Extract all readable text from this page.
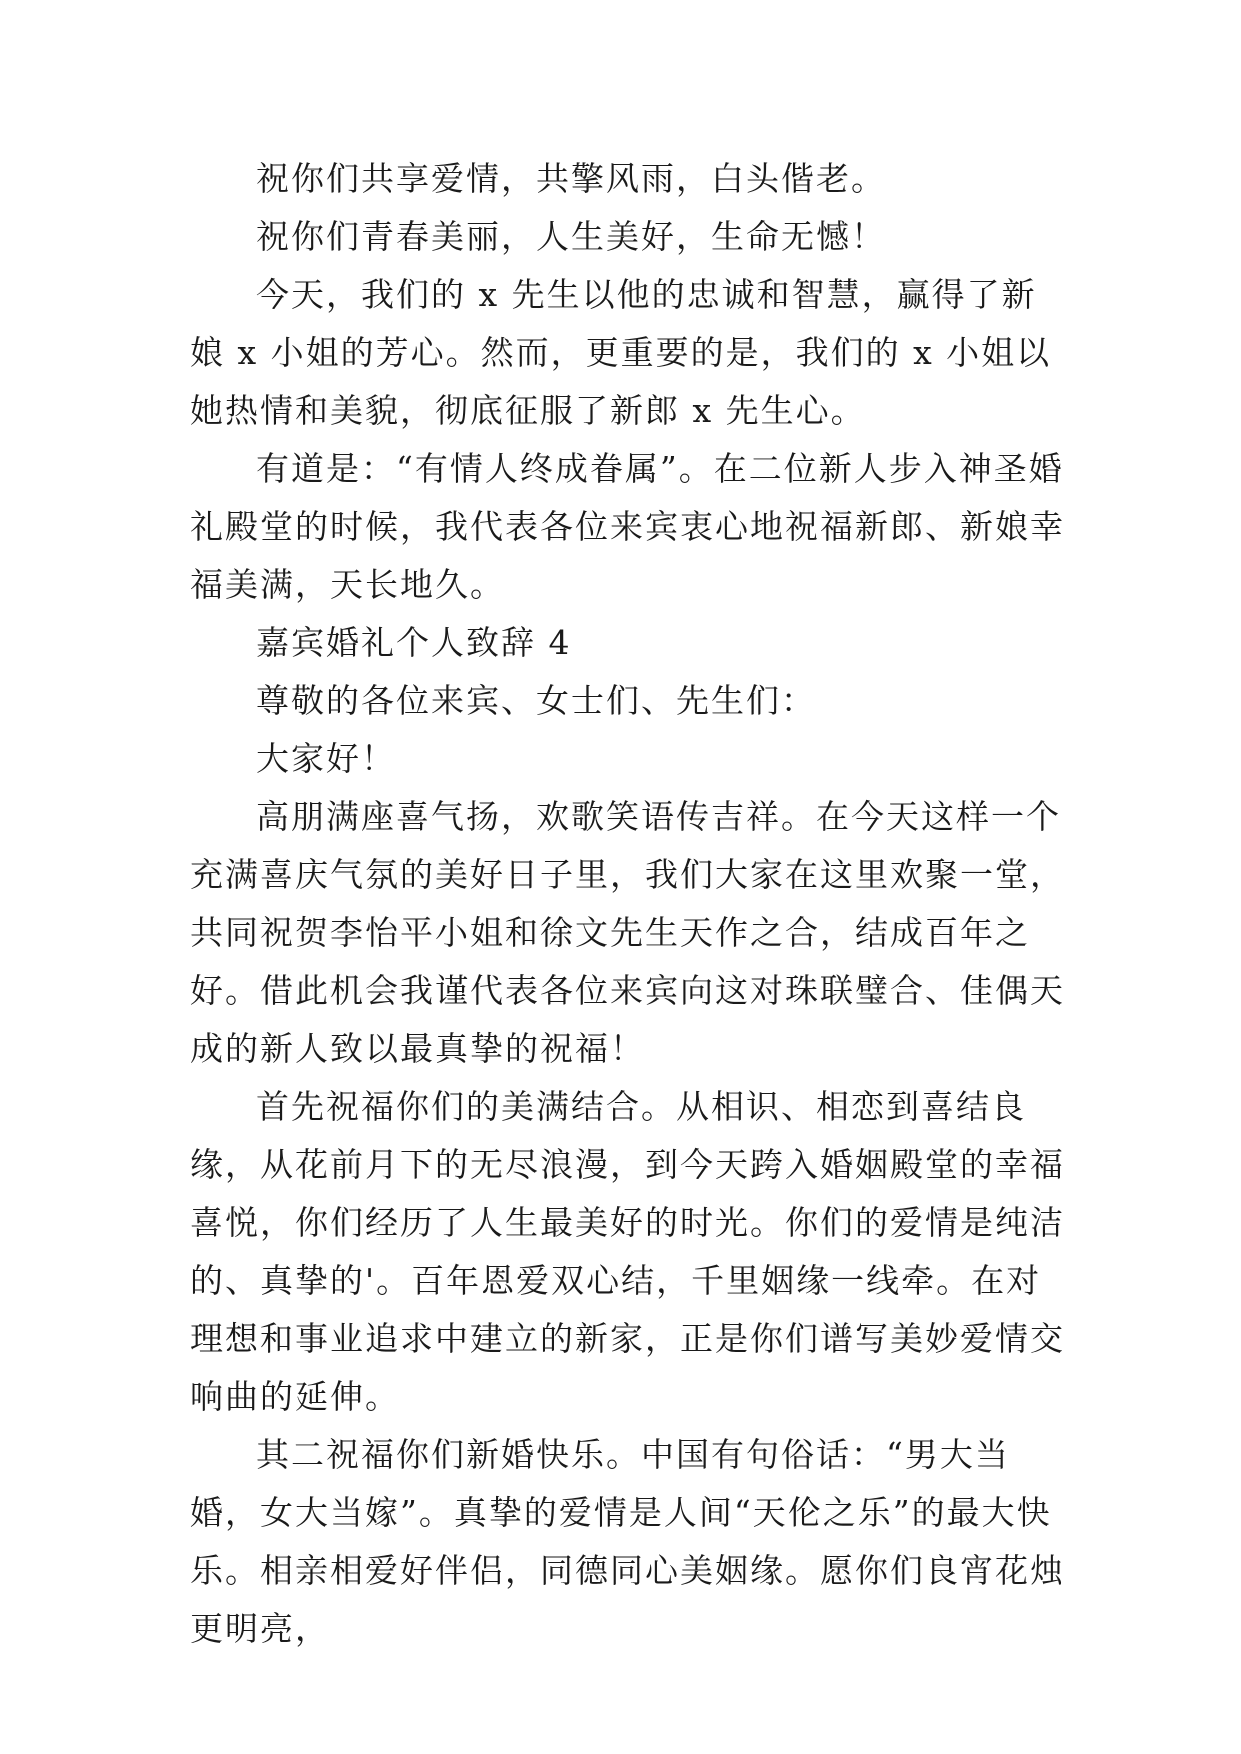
祝你们共享爱情，共擎风雨，白头偕老。

祝你们青春美丽，人生美好，生命无憾！

今天，我们的 x 先生以他的忠诚和智慧，赢得了新娘 x 小姐的芳心。然而，更重要的是，我们的 x 小姐以她热情和美貌，彻底征服了新郎 x 先生心。

有道是：“有情人终成眷属”。在二位新人步入神圣婚礼殿堂的时候，我代表各位来宾衷心地祝福新郎、新娘幸福美满，天长地久。

嘉宾婚礼个人致辞 4

尊敬的各位来宾、女士们、先生们：

大家好！

高朋满座喜气扬，欢歌笑语传吉祥。在今天这样一个充满喜庆气氛的美好日子里，我们大家在这里欢聚一堂，共同祝贺李怡平小姐和徐文先生天作之合，结成百年之好。借此机会我谨代表各位来宾向这对珠联璧合、佳偶天成的新人致以最真挚的祝福！

首先祝福你们的美满结合。从相识、相恋到喜结良缘，从花前月下的无尽浪漫，到今天跨入婚姻殿堂的幸福喜悦，你们经历了人生最美好的时光。你们的爱情是纯洁的、真挚的'。百年恩爱双心结，千里姻缘一线牵。在对理想和事业追求中建立的新家，正是你们谱写美妙爱情交响曲的延伸。

其二祝福你们新婚快乐。中国有句俗话：“男大当婚，女大当嫁”。真挚的爱情是人间“天伦之乐”的最大快乐。相亲相爱好伴侣，同德同心美姻缘。愿你们良宵花烛更明亮，
